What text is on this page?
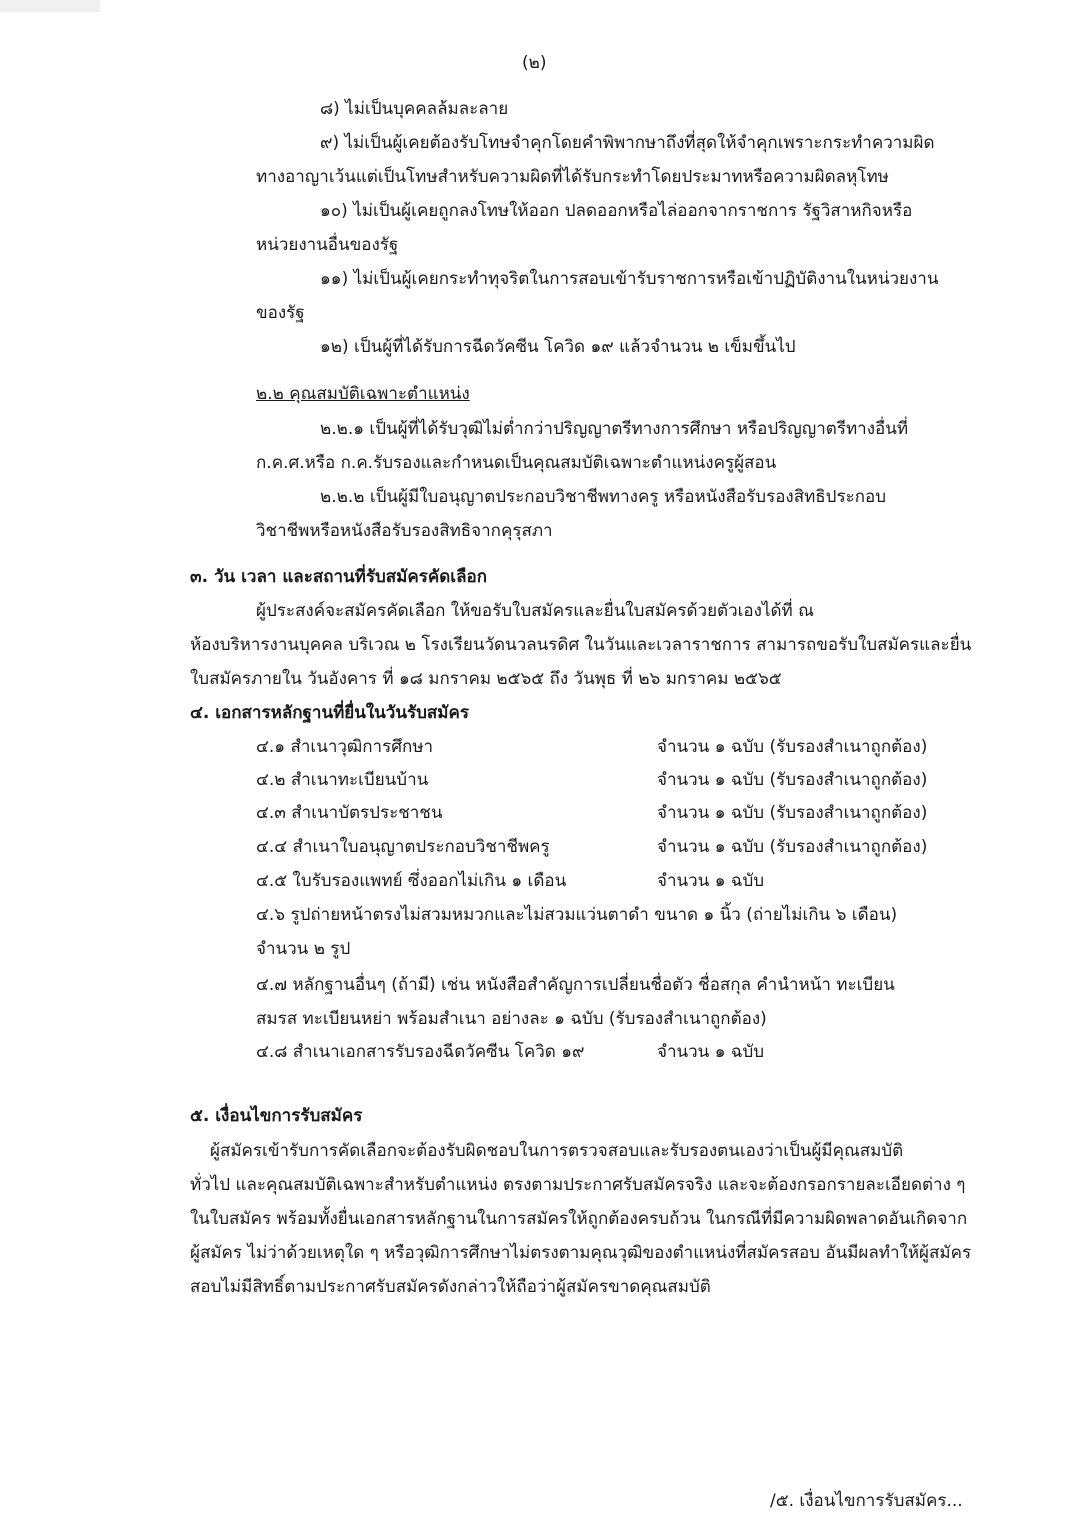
(๒)
๘) ไม่เป็นบุคคลล้มละลาย
๙) ไม่เป็นผู้เคยต้องรับโทษจำคุกโดยคำพิพากษาถึงที่สุดให้จำคุกเพราะกระทำความผิด
ทางอาญาเว้นแต่เป็นโทษสำหรับความผิดที่ได้รับกระทำโดยประมาทหรือความผิดลหุโทษ
๑๐) ไม่เป็นผู้เคยถูกลงโทษให้ออก ปลดออกหรือไล่ออกจากราชการ รัฐวิสาหกิจหรือ
หน่วยงานอื่นของรัฐ
๑๑) ไม่เป็นผู้เคยกระทำทุจริตในการสอบเข้ารับราชการหรือเข้าปฏิบัติงานในหน่วยงาน
ของรัฐ
๑๒) เป็นผู้ที่ได้รับการฉีดวัคซีน โควิด ๑๙ แล้วจำนวน ๒ เข็มขึ้นไป
๒.๒ คุณสมบัติเฉพาะตำแหน่ง
๒.๒.๑ เป็นผู้ที่ได้รับวุฒิไม่ต่ำกว่าปริญญาตรีทางการศึกษา หรือปริญญาตรีทางอื่นที่
ก.ค.ศ.หรือ ก.ค.รับรองและกำหนดเป็นคุณสมบัติเฉพาะตำแหน่งครูผู้สอน
๒.๒.๒ เป็นผู้มีใบอนุญาตประกอบวิชาชีพทางครู หรือหนังสือรับรองสิทธิประกอบ
วิชาชีพหรือหนังสือรับรองสิทธิจากคุรุสภา
๓. วัน เวลา และสถานที่รับสมัครคัดเลือก
ผู้ประสงค์จะสมัครคัดเลือก ให้ขอรับใบสมัครและยื่นใบสมัครด้วยตัวเองได้ที่ ณ
ห้องบริหารงานบุคคล บริเวณ ๒ โรงเรียนวัดนวลนรดิศ ในวันและเวลาราชการ สามารถขอรับใบสมัครและยื่น
ใบสมัครภายใน วันอังคาร ที่ ๑๘ มกราคม ๒๕๖๕ ถึง วันพุธ ที่ ๒๖ มกราคม ๒๕๖๕
๔. เอกสารหลักฐานที่ยื่นในวันรับสมัคร
๔.๑ สำเนาวุฒิการศึกษา	จำนวน ๑ ฉบับ (รับรองสำเนาถูกต้อง)
๔.๒ สำเนาทะเบียนบ้าน	จำนวน ๑ ฉบับ (รับรองสำเนาถูกต้อง)
๔.๓ สำเนาบัตรประชาชน	จำนวน ๑ ฉบับ (รับรองสำเนาถูกต้อง)
๔.๔ สำเนาใบอนุญาตประกอบวิชาชีพครู	จำนวน ๑ ฉบับ (รับรองสำเนาถูกต้อง)
๔.๕ ใบรับรองแพทย์ ซึ่งออกไม่เกิน ๑ เดือน	จำนวน ๑ ฉบับ
๔.๖ รูปถ่ายหน้าตรงไม่สวมหมวกและไม่สวมแว่นตาดำ ขนาด ๑ นิ้ว (ถ่ายไม่เกิน ๖ เดือน)
จำนวน ๒ รูป
๔.๗ หลักฐานอื่นๆ (ถ้ามี) เช่น หนังสือสำคัญการเปลี่ยนชื่อตัว ชื่อสกุล คำนำหน้า ทะเบียน
สมรส ทะเบียนหย่า พร้อมสำเนา อย่างละ ๑ ฉบับ (รับรองสำเนาถูกต้อง)
๔.๘ สำเนาเอกสารรับรองฉีดวัคซีน โควิด ๑๙	จำนวน ๑ ฉบับ
๕. เงื่อนไขการรับสมัคร
ผู้สมัครเข้ารับการคัดเลือกจะต้องรับผิดชอบในการตรวจสอบและรับรองตนเองว่าเป็นผู้มีคุณสมบัติ
ทั่วไป และคุณสมบัติเฉพาะสำหรับตำแหน่ง ตรงตามประกาศรับสมัครจริง และจะต้องกรอกรายละเอียดต่าง ๆ
ในใบสมัคร พร้อมทั้งยื่นเอกสารหลักฐานในการสมัครให้ถูกต้องครบถ้วน ในกรณีที่มีความผิดพลาดอันเกิดจาก
ผู้สมัคร ไม่ว่าด้วยเหตุใด ๆ หรือวุฒิการศึกษาไม่ตรงตามคุณวุฒิของตำแหน่งที่สมัครสอบ อันมีผลทำให้ผู้สมัคร
สอบไม่มีสิทธิ์ตามประกาศรับสมัครดังกล่าวให้ถือว่าผู้สมัครขาดคุณสมบัติ
/๕. เงื่อนไขการรับสมัคร...
